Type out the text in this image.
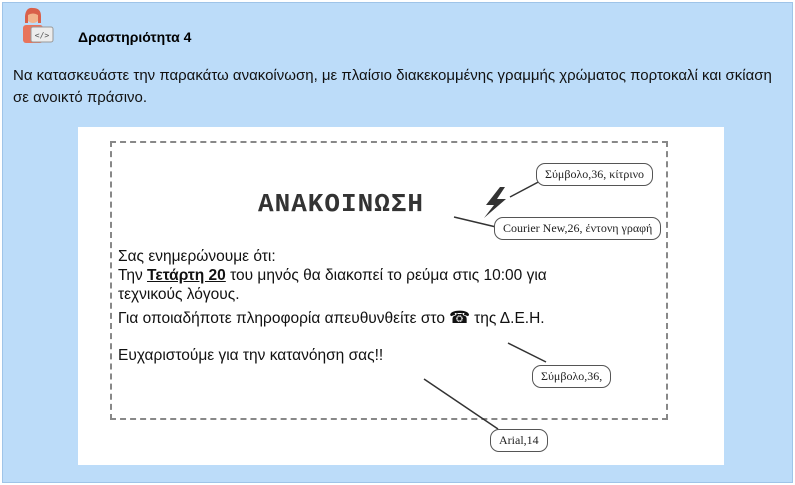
</> Δραστηριότητα 4
Να κατασκευάστε την παρακάτω ανακοίνωση, με πλαίσιο διακεκομμένης γραμμής χρώματος πορτοκαλί και σκίαση σε ανοικτό πράσινο.
ΑΝΑΚΟΙΝΩΣΗ

Σας ενημερώνουμε ότι:

Την Τετάρτη 20 του μηνός θα διακοπεί το ρεύμα στις 10:00 για

τεχνικούς λόγους.

Για οποιαδήποτε πληροφορία απευθυνθείτε στο ☎ της Δ.Ε.Η.

Ευχαριστούμε για την κατανόηση σας!!
Σύμβολο,36, κίτρινο
Courier New,26, έντονη γραφή
Σύμβολο,36,
Arial,14
